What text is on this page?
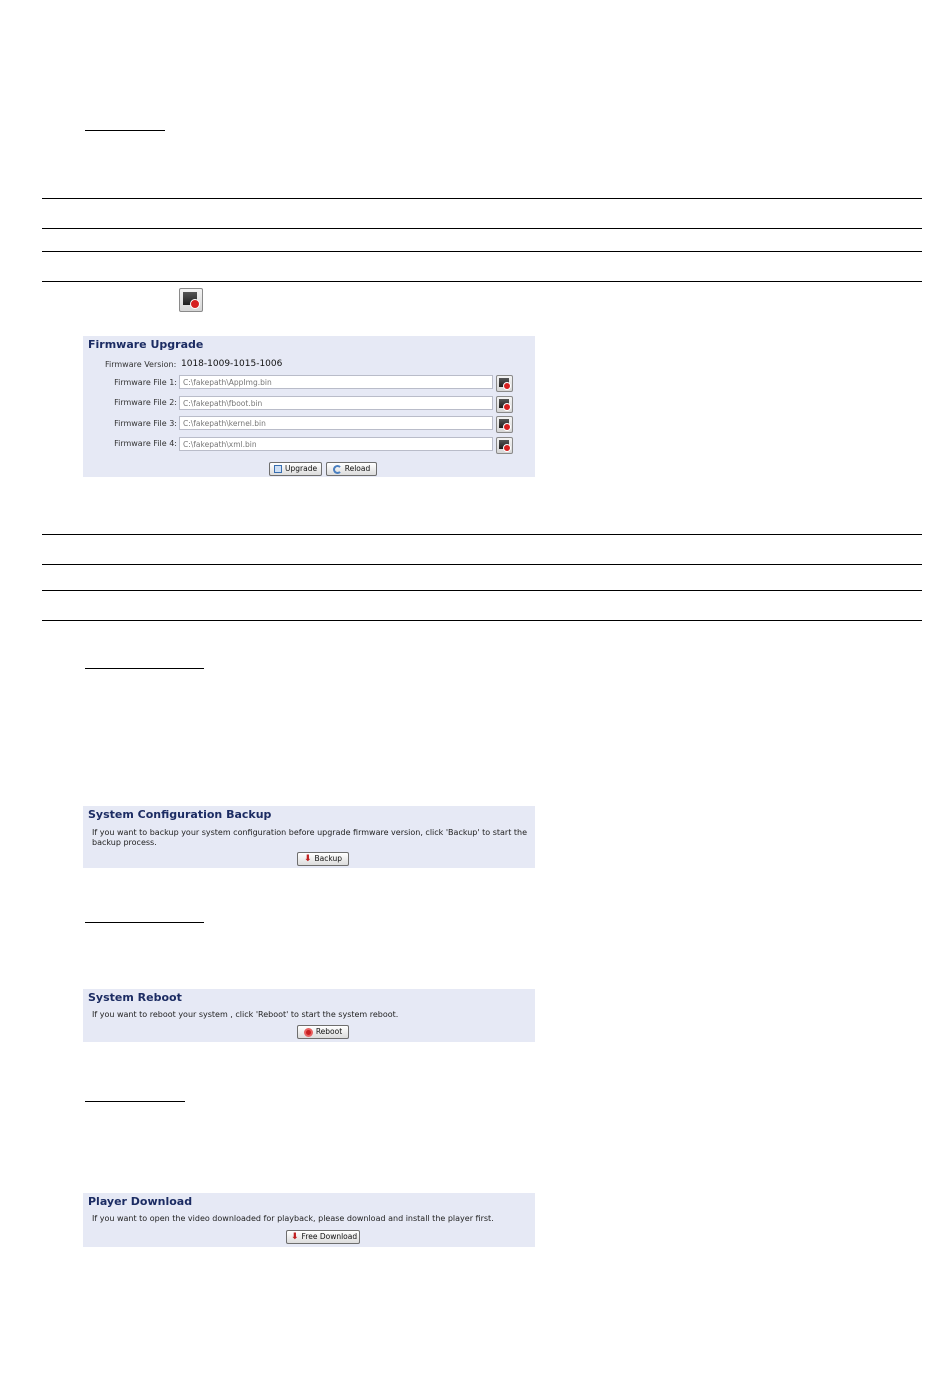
Firmware Upgrade
Firmware Version: 1018-1009-1015-1006
Firmware File 1: C:\fakepath\AppImg.bin
Firmware File 2: C:\fakepath\fboot.bin
Firmware File 3: C:\fakepath\kernel.bin
Firmware File 4: C:\fakepath\xml.bin
Upgrade	Reload
System Configuration Backup
If you want to backup your system configuration before upgrade firmware version, click 'Backup' to start the backup process.
⬇ Backup
System Reboot
If you want to reboot your system , click 'Reboot' to start the system reboot.
Reboot
Player Download
If you want to open the video downloaded for playback, please download and install the player first.
⬇ Free Download
